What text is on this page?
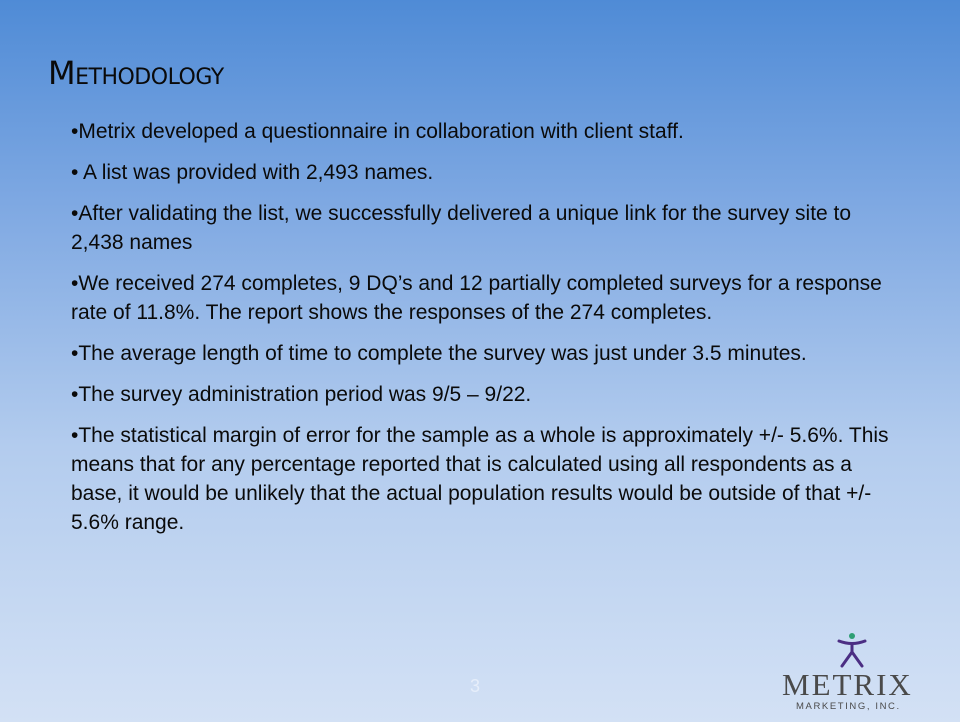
Methodology
•Metrix developed a questionnaire in collaboration with client staff.
• A list was provided with 2,493 names.
•After validating the list, we successfully delivered a unique link for the survey site to 2,438 names
•We received 274 completes, 9 DQ’s and 12 partially completed surveys for a response rate of 11.8%. The report shows the responses of the 274 completes.
•The average length of time to complete the survey was just under 3.5 minutes.
•The survey administration period was 9/5 – 9/22.
•The statistical margin of error for the sample as a whole is approximately +/- 5.6%. This means that for any percentage reported that is calculated using all respondents as a base, it would be unlikely that the actual population results would be outside of that +/- 5.6% range.
3	METRIX
MARKETING, INC.
